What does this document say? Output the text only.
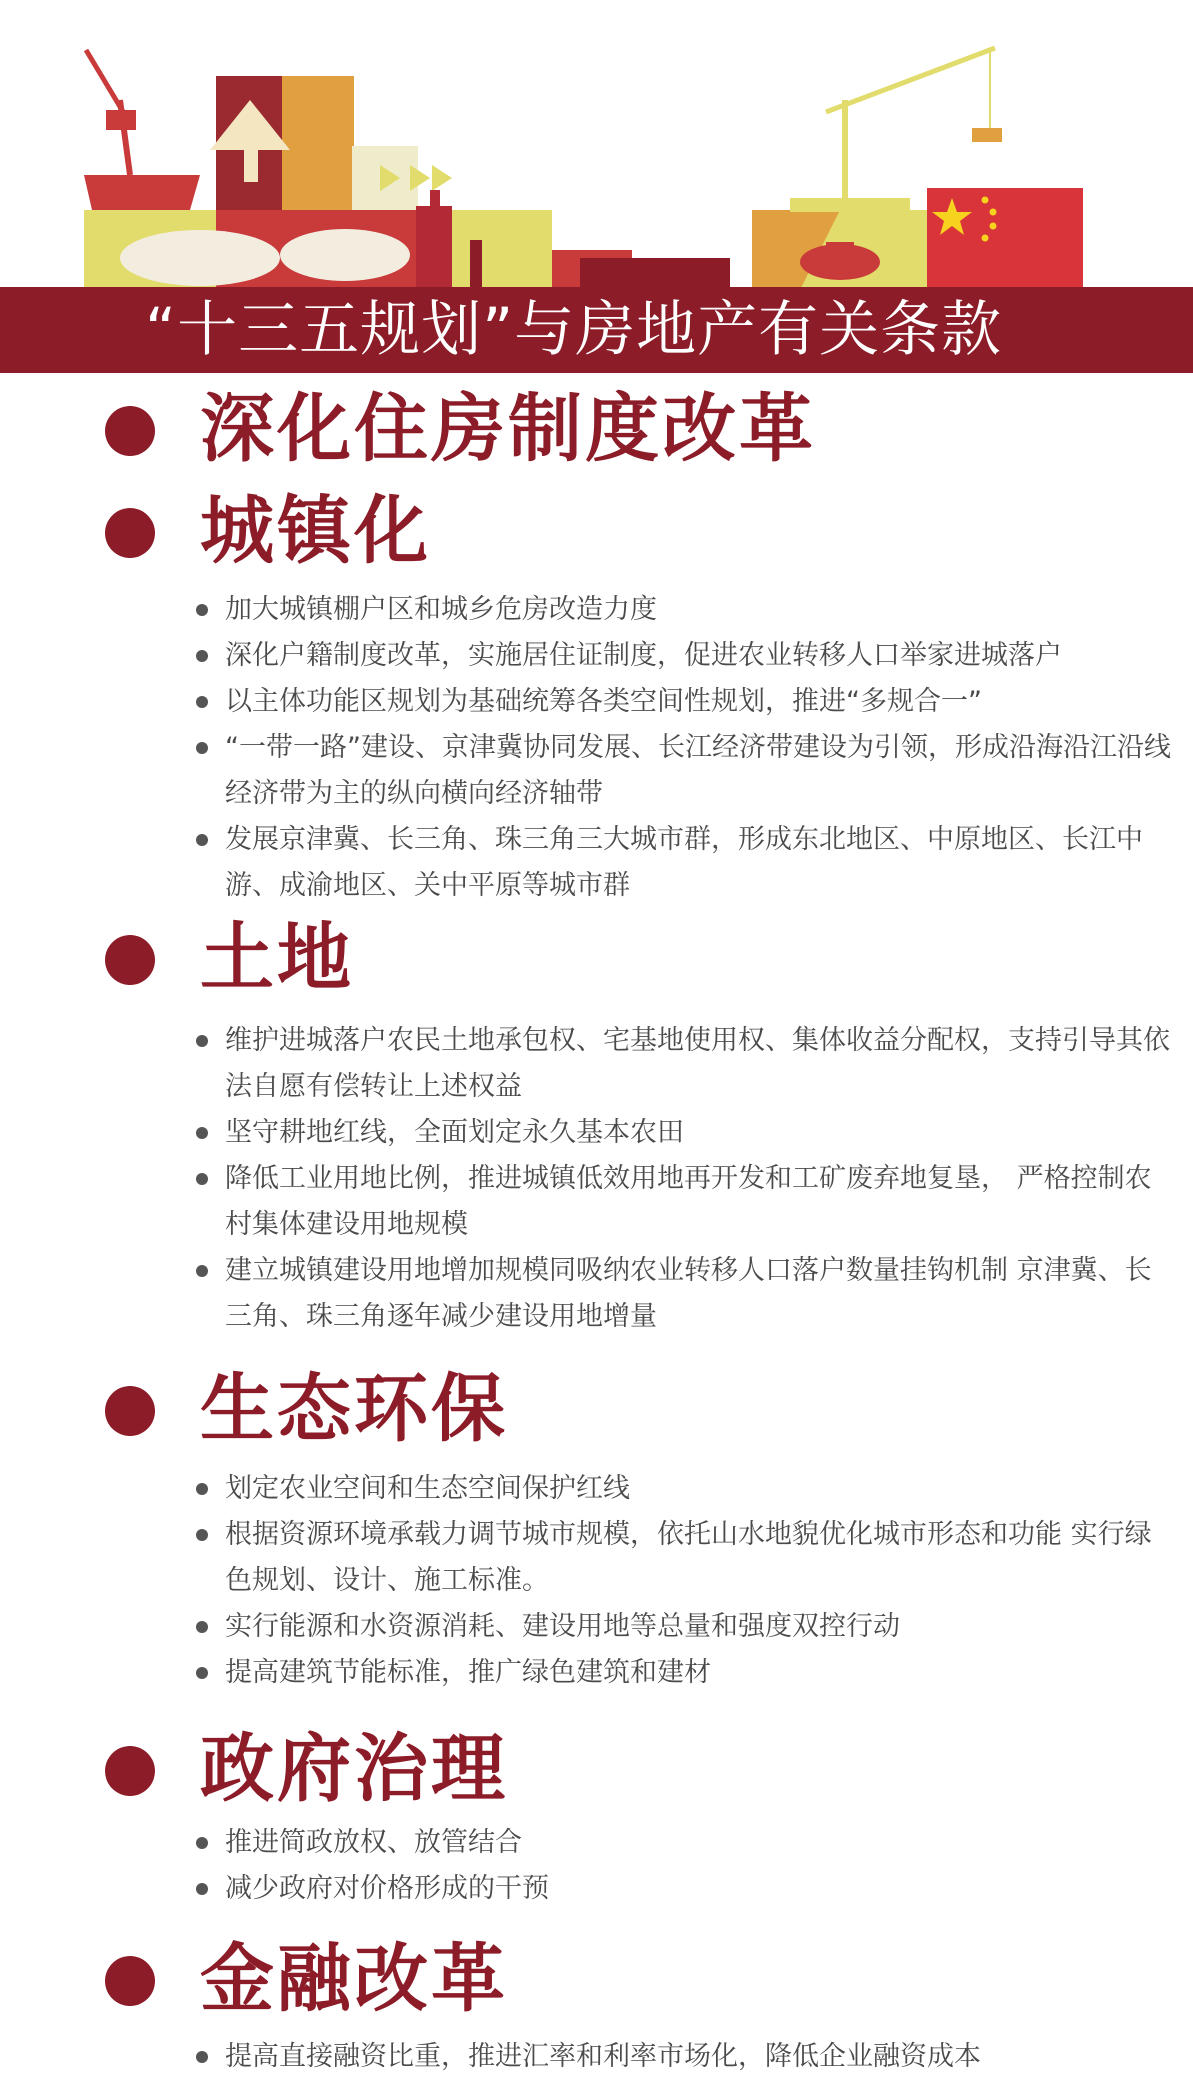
“十三五规划”与房地产有关条款
深化住房制度改革
城镇化
加大城镇棚户区和城乡危房改造力度
深化户籍制度改革，实施居住证制度，促进农业转移人口举家进城落户
以主体功能区规划为基础统筹各类空间性规划，推进“多规合一”
“一带一路”建设、京津冀协同发展、长江经济带建设为引领，形成沿海沿江沿线经济带为主的纵向横向经济轴带
发展京津冀、长三角、珠三角三大城市群，形成东北地区、中原地区、长江中游、成渝地区、关中平原等城市群
土地
维护进城落户农民土地承包权、宅基地使用权、集体收益分配权，支持引导其依法自愿有偿转让上述权益
坚守耕地红线，全面划定永久基本农田
降低工业用地比例，推进城镇低效用地再开发和工矿废弃地复垦， 严格控制农村集体建设用地规模
建立城镇建设用地增加规模同吸纳农业转移人口落户数量挂钩机制 京津冀、长三角、珠三角逐年减少建设用地增量
生态环保
划定农业空间和生态空间保护红线
根据资源环境承载力调节城市规模，依托山水地貌优化城市形态和功能 实行绿色规划、设计、施工标准。
实行能源和水资源消耗、建设用地等总量和强度双控行动
提高建筑节能标准，推广绿色建筑和建材
政府治理
推进简政放权、放管结合
减少政府对价格形成的干预
金融改革
提高直接融资比重，推进汇率和利率市场化，降低企业融资成本
